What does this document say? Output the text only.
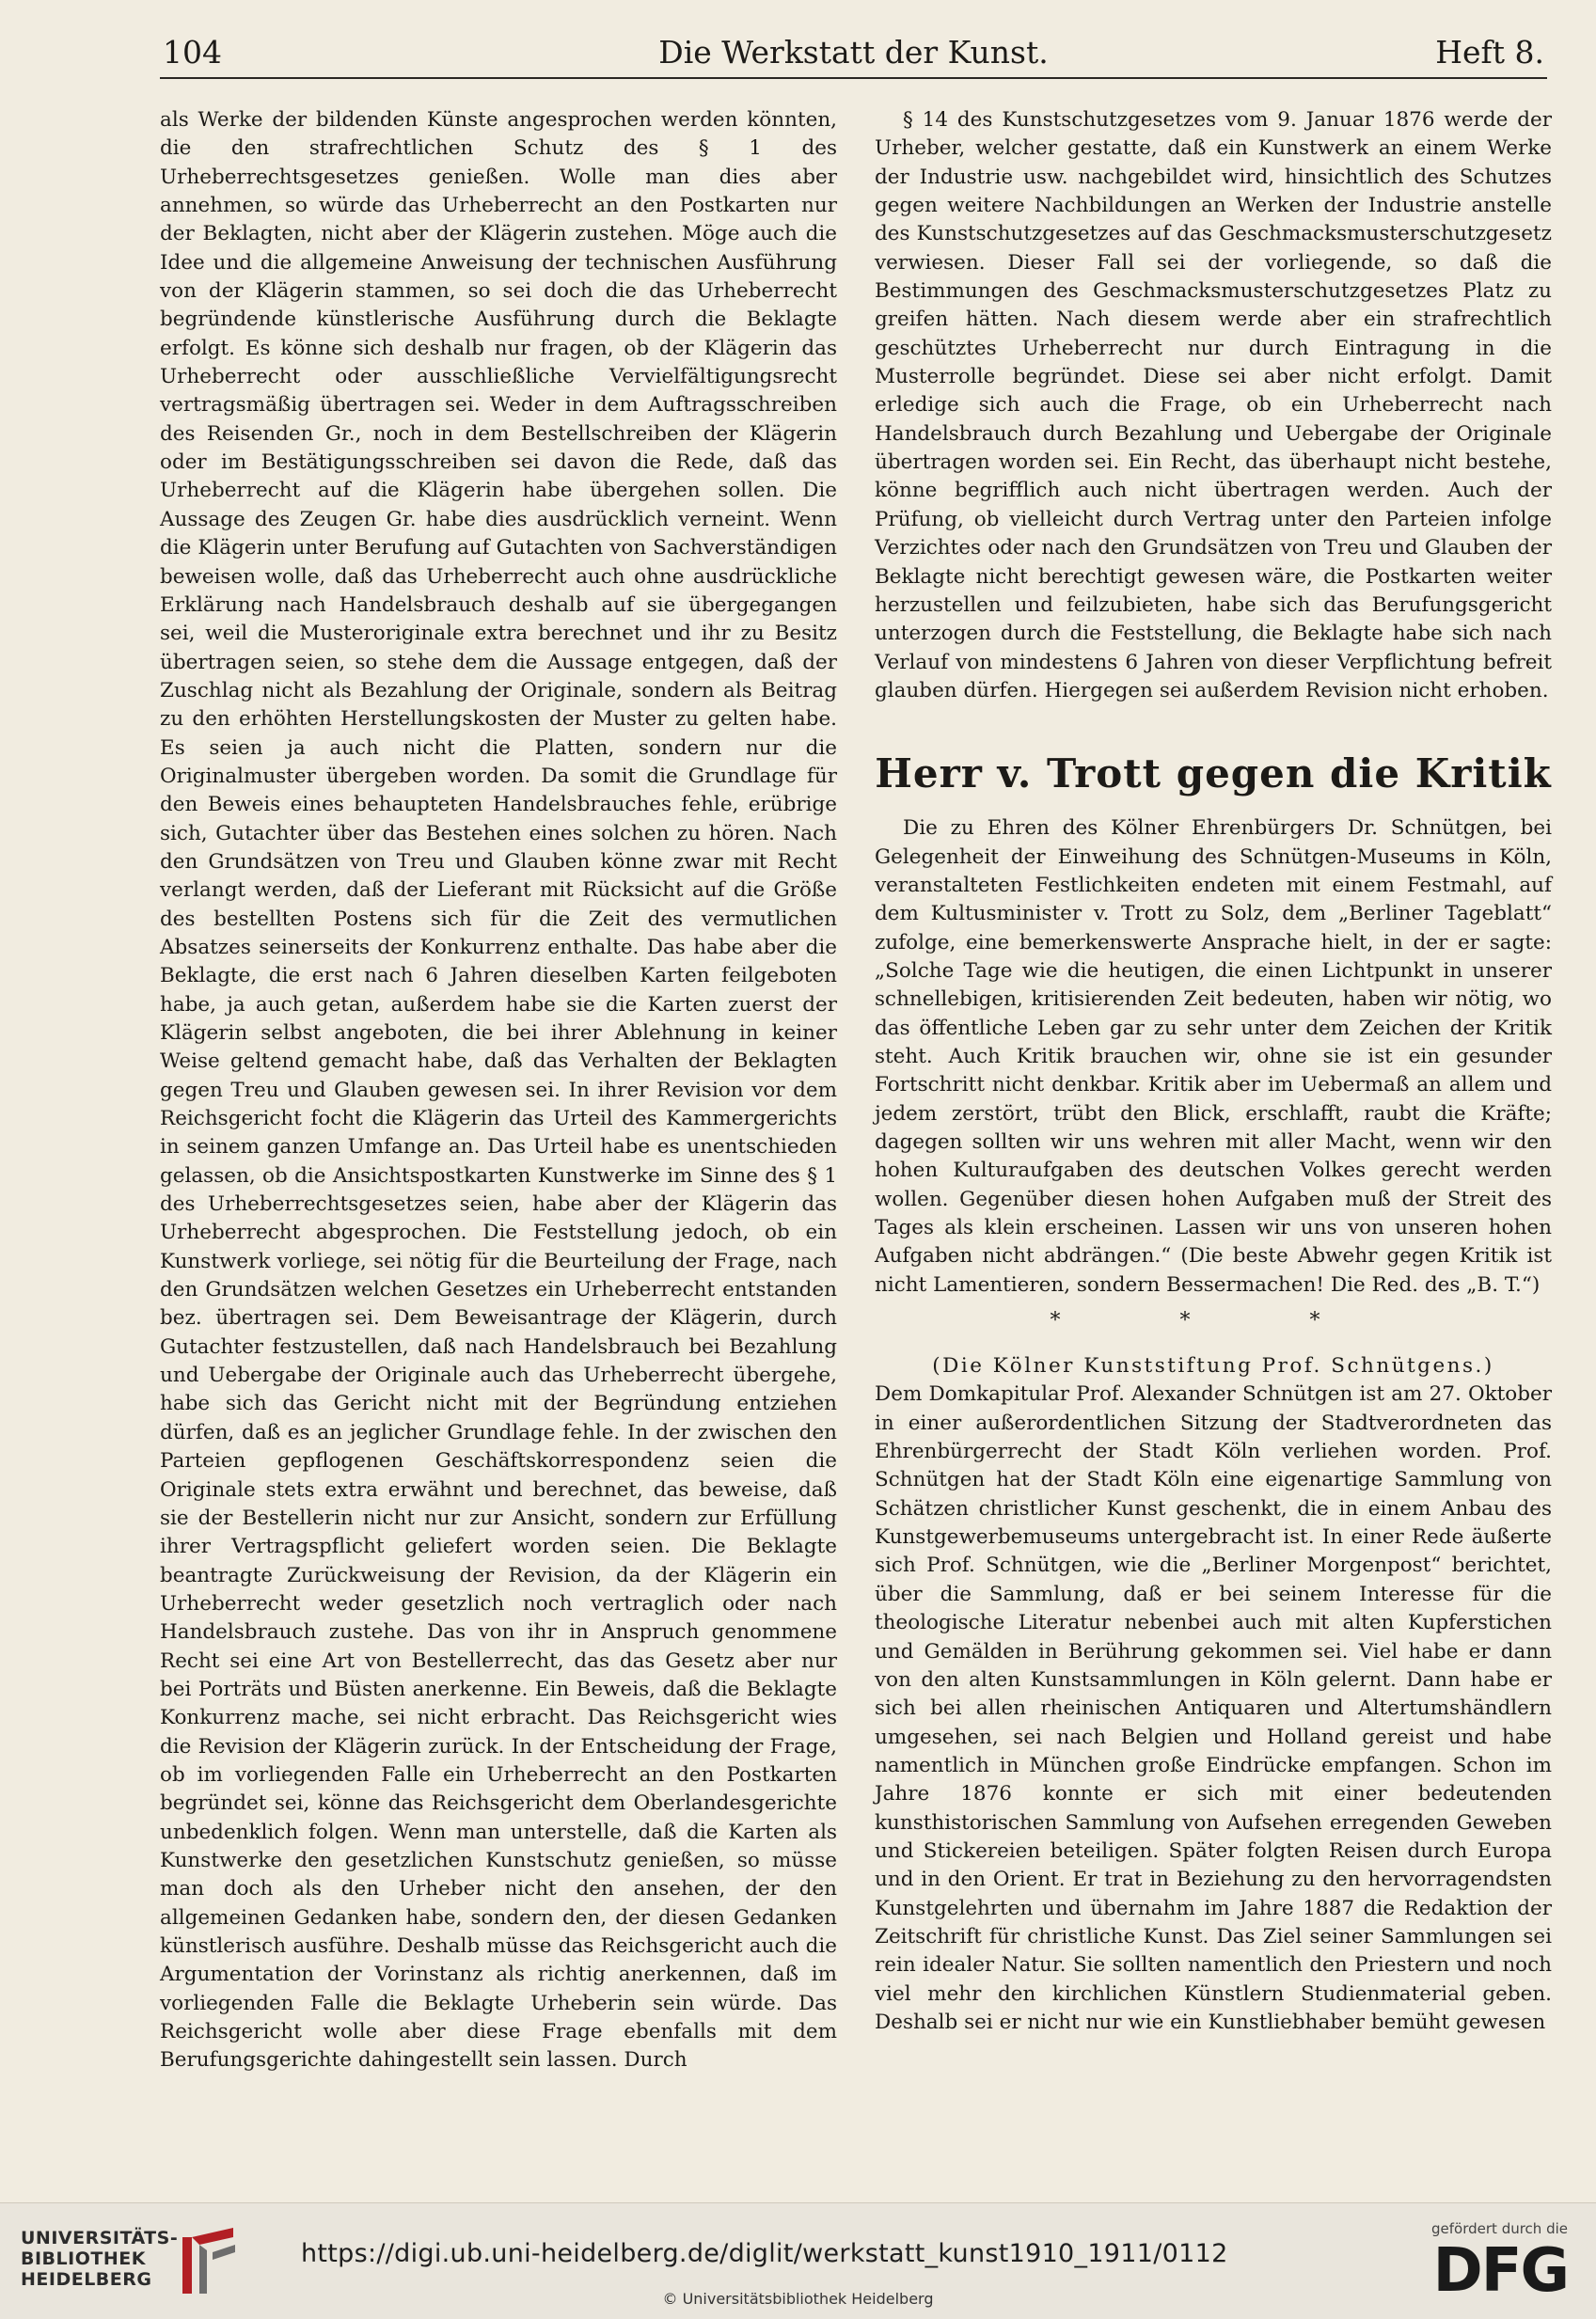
104	Die Werkstatt der Kunst.	Heft 8.

als Werke der bildenden Künste angesprochen werden könnten, die den strafrechtlichen Schutz des § 1 des Urheberrechtsgesetzes genießen. Wolle man dies aber annehmen, so würde das Urheberrecht an den Postkarten nur der Beklagten, nicht aber der Klägerin zustehen. Möge auch die Idee und die allgemeine Anweisung der technischen Ausführung von der Klägerin stammen, so sei doch die das Urheberrecht begründende künstlerische Ausführung durch die Beklagte erfolgt. Es könne sich deshalb nur fragen, ob der Klägerin das Urheberrecht oder ausschließliche Vervielfältigungsrecht vertragsmäßig übertragen sei. Weder in dem Auftragsschreiben des Reisenden Gr., noch in dem Bestellschreiben der Klägerin oder im Bestätigungsschreiben sei davon die Rede, daß das Urheberrecht auf die Klägerin habe übergehen sollen. Die Aussage des Zeugen Gr. habe dies ausdrücklich verneint. Wenn die Klägerin unter Berufung auf Gutachten von Sachverständigen beweisen wolle, daß das Urheberrecht auch ohne ausdrückliche Erklärung nach Handelsbrauch deshalb auf sie übergegangen sei, weil die Musteroriginale extra berechnet und ihr zu Besitz übertragen seien, so stehe dem die Aussage entgegen, daß der Zuschlag nicht als Bezahlung der Originale, sondern als Beitrag zu den erhöhten Herstellungskosten der Muster zu gelten habe. Es seien ja auch nicht die Platten, sondern nur die Originalmuster übergeben worden. Da somit die Grundlage für den Beweis eines behaupteten Handelsbrauches fehle, erübrige sich, Gutachter über das Bestehen eines solchen zu hören. Nach den Grundsätzen von Treu und Glauben könne zwar mit Recht verlangt werden, daß der Lieferant mit Rücksicht auf die Größe des bestellten Postens sich für die Zeit des vermutlichen Absatzes seinerseits der Konkurrenz enthalte. Das habe aber die Beklagte, die erst nach 6 Jahren dieselben Karten feilgeboten habe, ja auch getan, außerdem habe sie die Karten zuerst der Klägerin selbst angeboten, die bei ihrer Ablehnung in keiner Weise geltend gemacht habe, daß das Verhalten der Beklagten gegen Treu und Glauben gewesen sei. In ihrer Revision vor dem Reichsgericht focht die Klägerin das Urteil des Kammergerichts in seinem ganzen Umfange an. Das Urteil habe es unentschieden gelassen, ob die Ansichtspostkarten Kunstwerke im Sinne des § 1 des Urheberrechtsgesetzes seien, habe aber der Klägerin das Urheberrecht abgesprochen. Die Feststellung jedoch, ob ein Kunstwerk vorliege, sei nötig für die Beurteilung der Frage, nach den Grundsätzen welchen Gesetzes ein Urheberrecht entstanden bez. übertragen sei. Dem Beweisantrage der Klägerin, durch Gutachter festzustellen, daß nach Handelsbrauch bei Bezahlung und Uebergabe der Originale auch das Urheberrecht übergehe, habe sich das Gericht nicht mit der Begründung entziehen dürfen, daß es an jeglicher Grundlage fehle. In der zwischen den Parteien gepflogenen Geschäftskorrespondenz seien die Originale stets extra erwähnt und berechnet, das beweise, daß sie der Bestellerin nicht nur zur Ansicht, sondern zur Erfüllung ihrer Vertragspflicht geliefert worden seien. Die Beklagte beantragte Zurückweisung der Revision, da der Klägerin ein Urheberrecht weder gesetzlich noch vertraglich oder nach Handelsbrauch zustehe. Das von ihr in Anspruch genommene Recht sei eine Art von Bestellerrecht, das das Gesetz aber nur bei Porträts und Büsten anerkenne. Ein Beweis, daß die Beklagte Konkurrenz mache, sei nicht erbracht. Das Reichsgericht wies die Revision der Klägerin zurück. In der Entscheidung der Frage, ob im vorliegenden Falle ein Urheberrecht an den Postkarten begründet sei, könne das Reichsgericht dem Oberlandesgerichte unbedenklich folgen. Wenn man unterstelle, daß die Karten als Kunstwerke den gesetzlichen Kunstschutz genießen, so müsse man doch als den Urheber nicht den ansehen, der den allgemeinen Gedanken habe, sondern den, der diesen Gedanken künstlerisch ausführe. Deshalb müsse das Reichsgericht auch die Argumentation der Vorinstanz als richtig anerkennen, daß im vorliegenden Falle die Beklagte Urheberin sein würde. Das Reichsgericht wolle aber diese Frage ebenfalls mit dem Berufungsgerichte dahingestellt sein lassen. Durch

§ 14 des Kunstschutzgesetzes vom 9. Januar 1876 werde der Urheber, welcher gestatte, daß ein Kunstwerk an einem Werke der Industrie usw. nachgebildet wird, hinsichtlich des Schutzes gegen weitere Nachbildungen an Werken der Industrie anstelle des Kunstschutzgesetzes auf das Geschmacksmusterschutzgesetz verwiesen. Dieser Fall sei der vorliegende, so daß die Bestimmungen des Geschmacksmusterschutzgesetzes Platz zu greifen hätten. Nach diesem werde aber ein strafrechtlich geschütztes Urheberrecht nur durch Eintragung in die Musterrolle begründet. Diese sei aber nicht erfolgt. Damit erledige sich auch die Frage, ob ein Urheberrecht nach Handelsbrauch durch Bezahlung und Uebergabe der Originale übertragen worden sei. Ein Recht, das überhaupt nicht bestehe, könne begrifflich auch nicht übertragen werden. Auch der Prüfung, ob vielleicht durch Vertrag unter den Parteien infolge Verzichtes oder nach den Grundsätzen von Treu und Glauben der Beklagte nicht berechtigt gewesen wäre, die Postkarten weiter herzustellen und feilzubieten, habe sich das Berufungsgericht unterzogen durch die Feststellung, die Beklagte habe sich nach Verlauf von mindestens 6 Jahren von dieser Verpflichtung befreit glauben dürfen. Hiergegen sei außerdem Revision nicht erhoben.

Herr v. Trott gegen die Kritik

Die zu Ehren des Kölner Ehrenbürgers Dr. Schnütgen, bei Gelegenheit der Einweihung des Schnütgen-Museums in Köln, veranstalteten Festlichkeiten endeten mit einem Festmahl, auf dem Kultusminister v. Trott zu Solz, dem „Berliner Tageblatt“ zufolge, eine bemerkenswerte Ansprache hielt, in der er sagte: „Solche Tage wie die heutigen, die einen Lichtpunkt in unserer schnellebigen, kritisierenden Zeit bedeuten, haben wir nötig, wo das öffentliche Leben gar zu sehr unter dem Zeichen der Kritik steht. Auch Kritik brauchen wir, ohne sie ist ein gesunder Fortschritt nicht denkbar. Kritik aber im Uebermaß an allem und jedem zerstört, trübt den Blick, erschlafft, raubt die Kräfte; dagegen sollten wir uns wehren mit aller Macht, wenn wir den hohen Kulturaufgaben des deutschen Volkes gerecht werden wollen. Gegenüber diesen hohen Aufgaben muß der Streit des Tages als klein erscheinen. Lassen wir uns von unseren hohen Aufgaben nicht abdrängen.“ (Die beste Abwehr gegen Kritik ist nicht Lamentieren, sondern Bessermachen! Die Red. des „B. T.“)

* * *

(Die Kölner Kunststiftung Prof. Schnütgens.)

Dem Domkapitular Prof. Alexander Schnütgen ist am 27. Oktober in einer außerordentlichen Sitzung der Stadtverordneten das Ehrenbürgerrecht der Stadt Köln verliehen worden. Prof. Schnütgen hat der Stadt Köln eine eigenartige Sammlung von Schätzen christlicher Kunst geschenkt, die in einem Anbau des Kunstgewerbemuseums untergebracht ist. In einer Rede äußerte sich Prof. Schnütgen, wie die „Berliner Morgenpost“ berichtet, über die Sammlung, daß er bei seinem Interesse für die theologische Literatur nebenbei auch mit alten Kupferstichen und Gemälden in Berührung gekommen sei. Viel habe er dann von den alten Kunstsammlungen in Köln gelernt. Dann habe er sich bei allen rheinischen Antiquaren und Altertumshändlern umgesehen, sei nach Belgien und Holland gereist und habe namentlich in München große Eindrücke empfangen. Schon im Jahre 1876 konnte er sich mit einer bedeutenden kunsthistorischen Sammlung von Aufsehen erregenden Geweben und Stickereien beteiligen. Später folgten Reisen durch Europa und in den Orient. Er trat in Beziehung zu den hervorragendsten Kunstgelehrten und übernahm im Jahre 1887 die Redaktion der Zeitschrift für christliche Kunst. Das Ziel seiner Sammlungen sei rein idealer Natur. Sie sollten namentlich den Priestern und noch viel mehr den kirchlichen Künstlern Studienmaterial geben. Deshalb sei er nicht nur wie ein Kunstliebhaber bemüht gewesen

UNIVERSITÄTS-
BIBLIOTHEK
HEIDELBERG
https://digi.ub.uni-heidelberg.de/diglit/werkstatt_kunst1910_1911/0112
© Universitätsbibliothek Heidelberg
gefördert durch die
DFG
